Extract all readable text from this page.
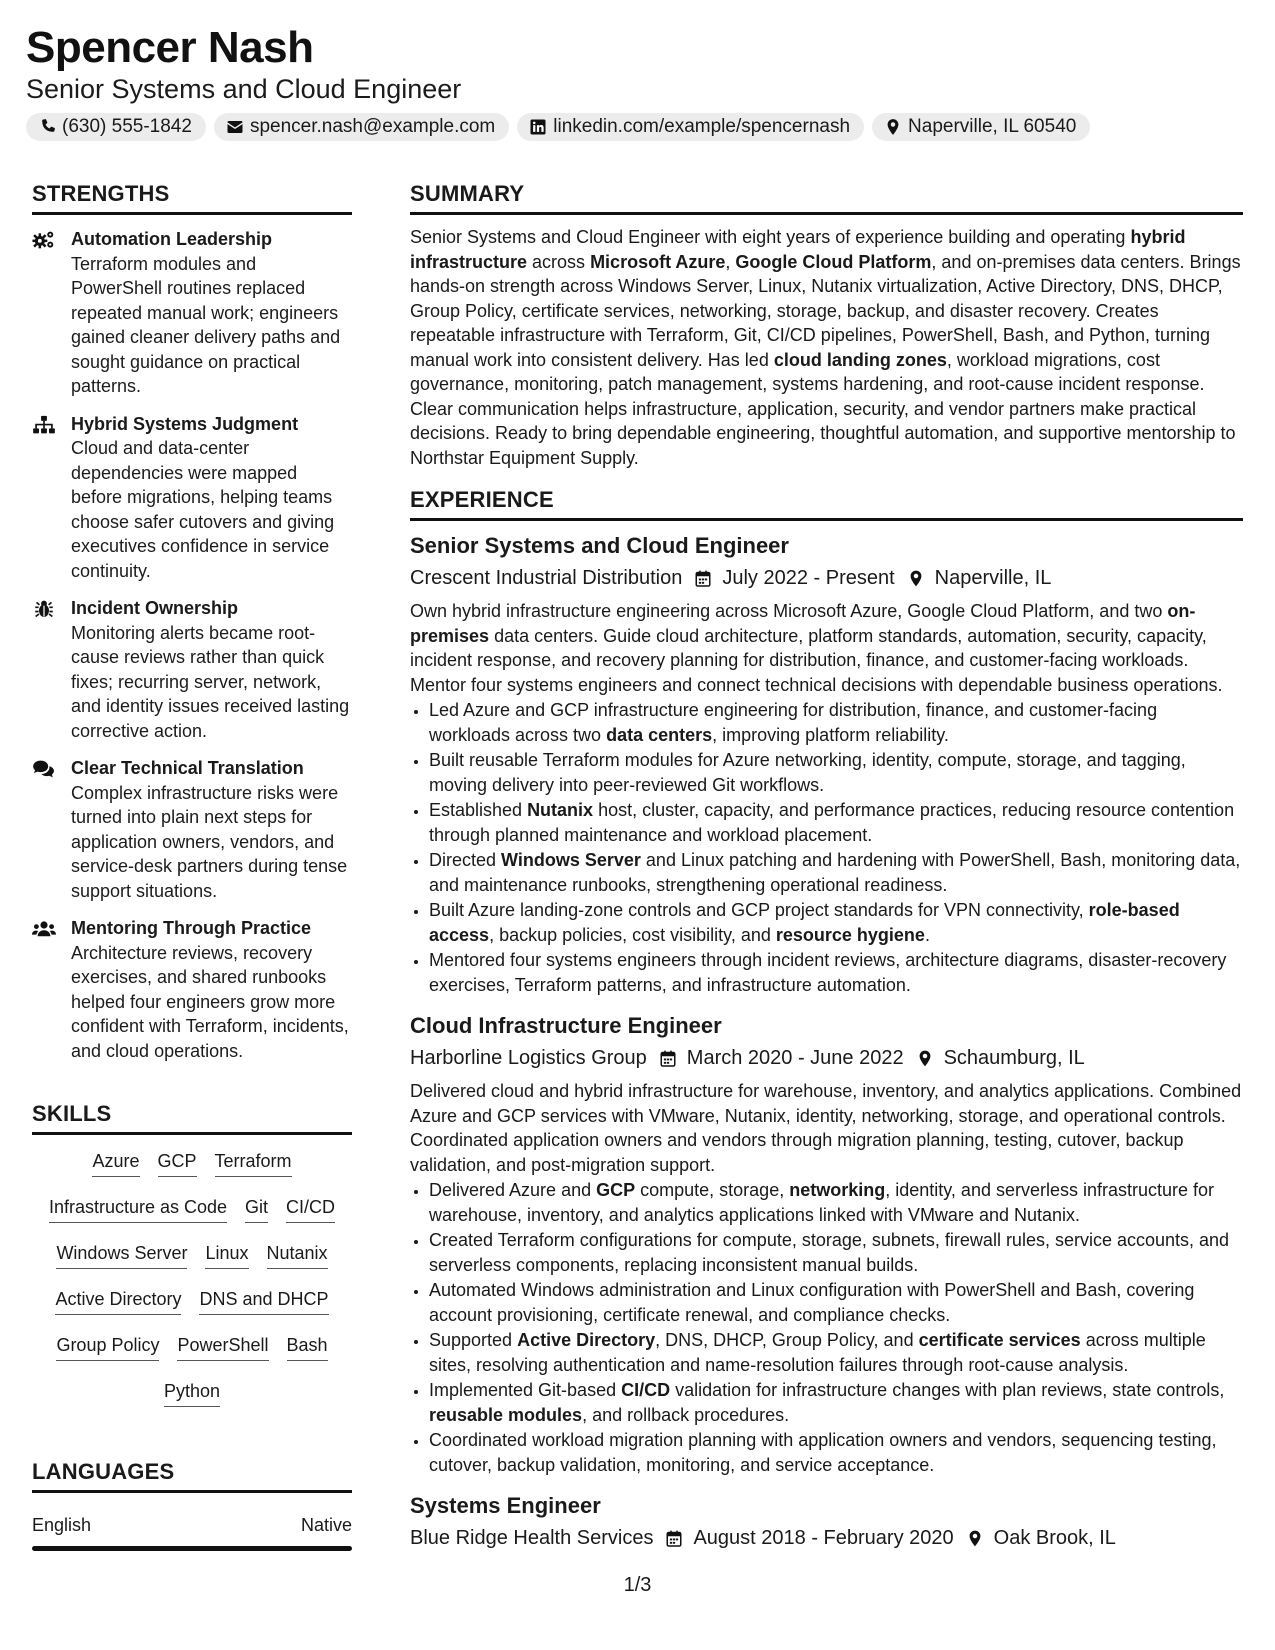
Spencer Nash
Senior Systems and Cloud Engineer
(630) 555-1842	spencer.nash@example.com	linkedin.com/example/spencernash	Naperville, IL 60540
STRENGTHS
Automation Leadership
Terraform modules and PowerShell routines replaced repeated manual work; engineers gained cleaner delivery paths and sought guidance on practical patterns.
Hybrid Systems Judgment
Cloud and data-center dependencies were mapped before migrations, helping teams choose safer cutovers and giving executives confidence in service continuity.
Incident Ownership
Monitoring alerts became root-cause reviews rather than quick fixes; recurring server, network, and identity issues received lasting corrective action.
Clear Technical Translation
Complex infrastructure risks were turned into plain next steps for application owners, vendors, and service-desk partners during tense support situations.
Mentoring Through Practice
Architecture reviews, recovery exercises, and shared runbooks helped four engineers grow more confident with Terraform, incidents, and cloud operations.
SKILLS
Azure GCP Terraform
Infrastructure as Code Git CI/CD
Windows Server Linux Nutanix
Active Directory DNS and DHCP
Group Policy PowerShell Bash
Python
LANGUAGES
English	Native
SUMMARY

Senior Systems and Cloud Engineer with eight years of experience building and operating hybrid infrastructure across Microsoft Azure, Google Cloud Platform, and on-premises data centers. Brings hands-on strength across Windows Server, Linux, Nutanix virtualization, Active Directory, DNS, DHCP, Group Policy, certificate services, networking, storage, backup, and disaster recovery. Creates repeatable infrastructure with Terraform, Git, CI/CD pipelines, PowerShell, Bash, and Python, turning manual work into consistent delivery. Has led cloud landing zones, workload migrations, cost governance, monitoring, patch management, systems hardening, and root-cause incident response. Clear communication helps infrastructure, application, security, and vendor partners make practical decisions. Ready to bring dependable engineering, thoughtful automation, and supportive mentorship to Northstar Equipment Supply.

EXPERIENCE
Senior Systems and Cloud Engineer
Crescent Industrial Distribution July 2022 - Present Naperville, IL

Own hybrid infrastructure engineering across Microsoft Azure, Google Cloud Platform, and two on-premises data centers. Guide cloud architecture, platform standards, automation, security, capacity, incident response, and recovery planning for distribution, finance, and customer-facing workloads. Mentor four systems engineers and connect technical decisions with dependable business operations.

• Led Azure and GCP infrastructure engineering for distribution, finance, and customer-facing workloads across two data centers, improving platform reliability.
• Built reusable Terraform modules for Azure networking, identity, compute, storage, and tagging, moving delivery into peer-reviewed Git workflows.
• Established Nutanix host, cluster, capacity, and performance practices, reducing resource contention through planned maintenance and workload placement.
• Directed Windows Server and Linux patching and hardening with PowerShell, Bash, monitoring data, and maintenance runbooks, strengthening operational readiness.
• Built Azure landing-zone controls and GCP project standards for VPN connectivity, role-based access, backup policies, cost visibility, and resource hygiene.
• Mentored four systems engineers through incident reviews, architecture diagrams, disaster-recovery exercises, Terraform patterns, and infrastructure automation.
Cloud Infrastructure Engineer
Harborline Logistics Group March 2020 - June 2022 Schaumburg, IL

Delivered cloud and hybrid infrastructure for warehouse, inventory, and analytics applications. Combined Azure and GCP services with VMware, Nutanix, identity, networking, storage, and operational controls. Coordinated application owners and vendors through migration planning, testing, cutover, backup validation, and post-migration support.

• Delivered Azure and GCP compute, storage, networking, identity, and serverless infrastructure for warehouse, inventory, and analytics applications linked with VMware and Nutanix.
• Created Terraform configurations for compute, storage, subnets, firewall rules, service accounts, and serverless components, replacing inconsistent manual builds.
• Automated Windows administration and Linux configuration with PowerShell and Bash, covering account provisioning, certificate renewal, and compliance checks.
• Supported Active Directory, DNS, DHCP, Group Policy, and certificate services across multiple sites, resolving authentication and name-resolution failures through root-cause analysis.
• Implemented Git-based CI/CD validation for infrastructure changes with plan reviews, state controls, reusable modules, and rollback procedures.
• Coordinated workload migration planning with application owners and vendors, sequencing testing, cutover, backup validation, monitoring, and service acceptance.
Systems Engineer
Blue Ridge Health Services August 2018 - February 2020 Oak Brook, IL
1/3
